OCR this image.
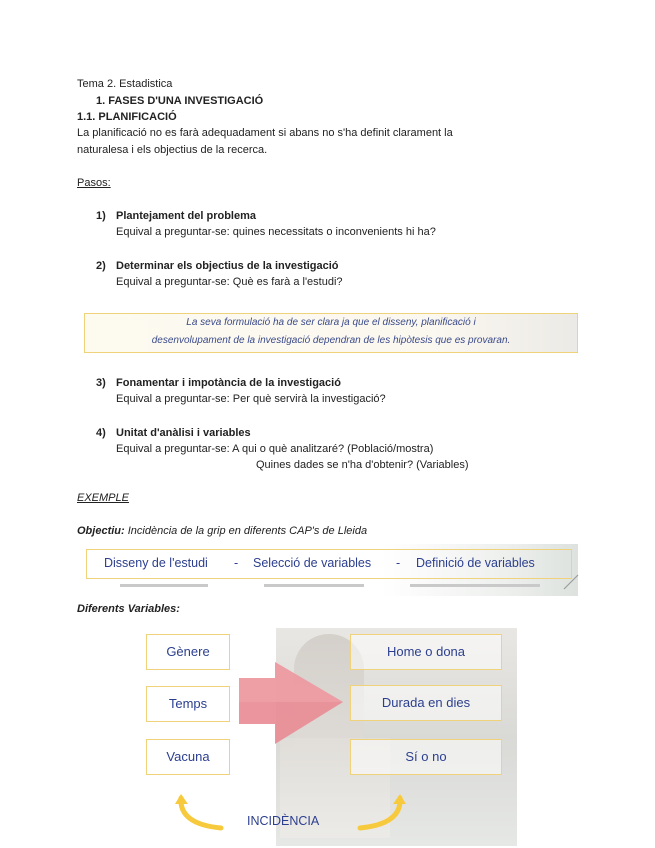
Tema 2. Estadistica
1. FASES D'UNA INVESTIGACIÓ
1.1. PLANIFICACIÓ
La planificació no es farà adequadament si abans no s'ha definit clarament la
naturalesa i els objectius de la recerca.
Pasos:
1) Plantejament del problema
Equival a preguntar-se: quines necessitats o inconvenients hi ha?
2) Determinar els objectius de la investigació
Equival a preguntar-se: Què es farà a l'estudi?
La seva formulació ha de ser clara ja que el disseny, planificació i
desenvolupament de la investigació dependran de les hipòtesis que es provaran.
3) Fonamentar i impotància de la investigació
Equival a preguntar-se: Per què servirà la investigació?
4) Unitat d'anàlisi i variables
Equival a preguntar-se: A qui o què analitzaré? (Població/mostra)
Quines dades se n'ha d'obtenir? (Variables)
EXEMPLE
Objectiu: Incidència de la grip en diferents CAP's de Lleida
Disseny de l'estudi - Selecció de variables - Definició de variables
Diferents Variables:
Gènere
Temps
Vacuna
Home o dona
Durada en dies
Sí o no
INCIDÈNCIA
